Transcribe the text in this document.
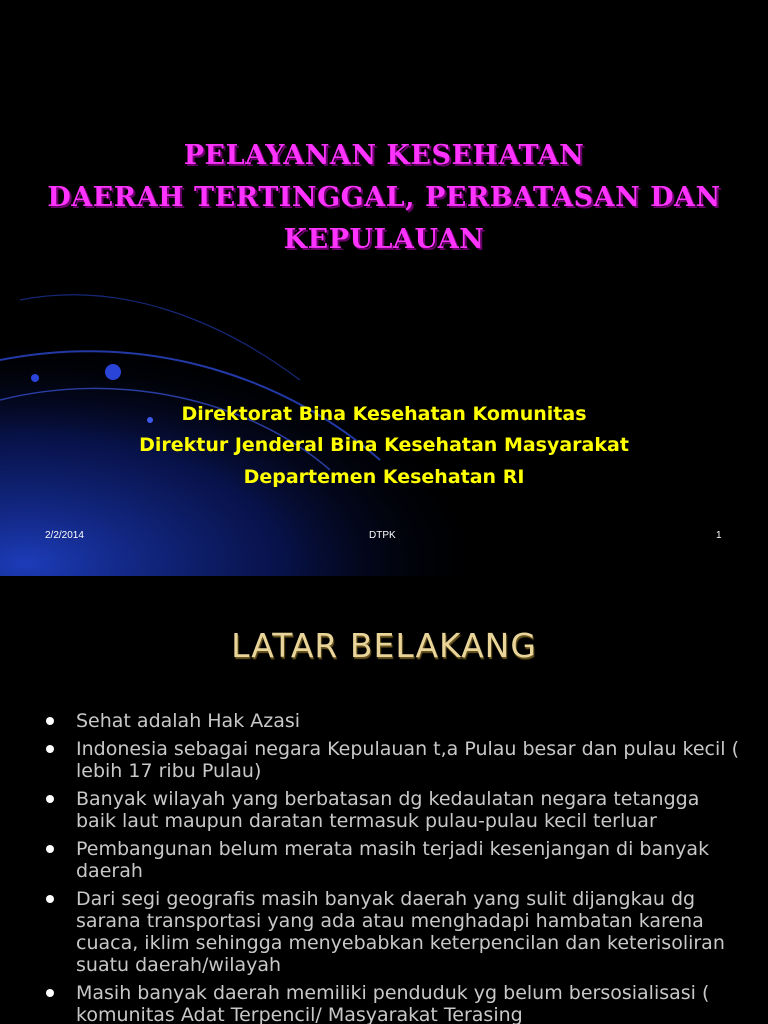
PELAYANAN KESEHATAN
DAERAH TERTINGGAL, PERBATASAN DAN
KEPULAUAN
Direktorat Bina Kesehatan Komunitas
Direktur Jenderal Bina Kesehatan Masyarakat
Departemen Kesehatan RI
2/2/2014	DTPK	1
LATAR BELAKANG
Sehat adalah Hak Azasi
Indonesia sebagai negara Kepulauan t,a Pulau besar dan pulau kecil ( lebih 17 ribu Pulau)
Banyak wilayah yang berbatasan dg kedaulatan negara tetangga baik laut maupun daratan termasuk pulau-pulau kecil terluar
Pembangunan belum merata masih terjadi kesenjangan di banyak daerah
Dari segi geografis masih banyak daerah yang sulit dijangkau dg sarana transportasi yang ada atau menghadapi hambatan karena cuaca, iklim sehingga menyebabkan keterpencilan dan keterisoliran suatu daerah/wilayah
Masih banyak daerah memiliki penduduk yg belum bersosialisasi ( komunitas Adat Terpencil/ Masyarakat Terasing
